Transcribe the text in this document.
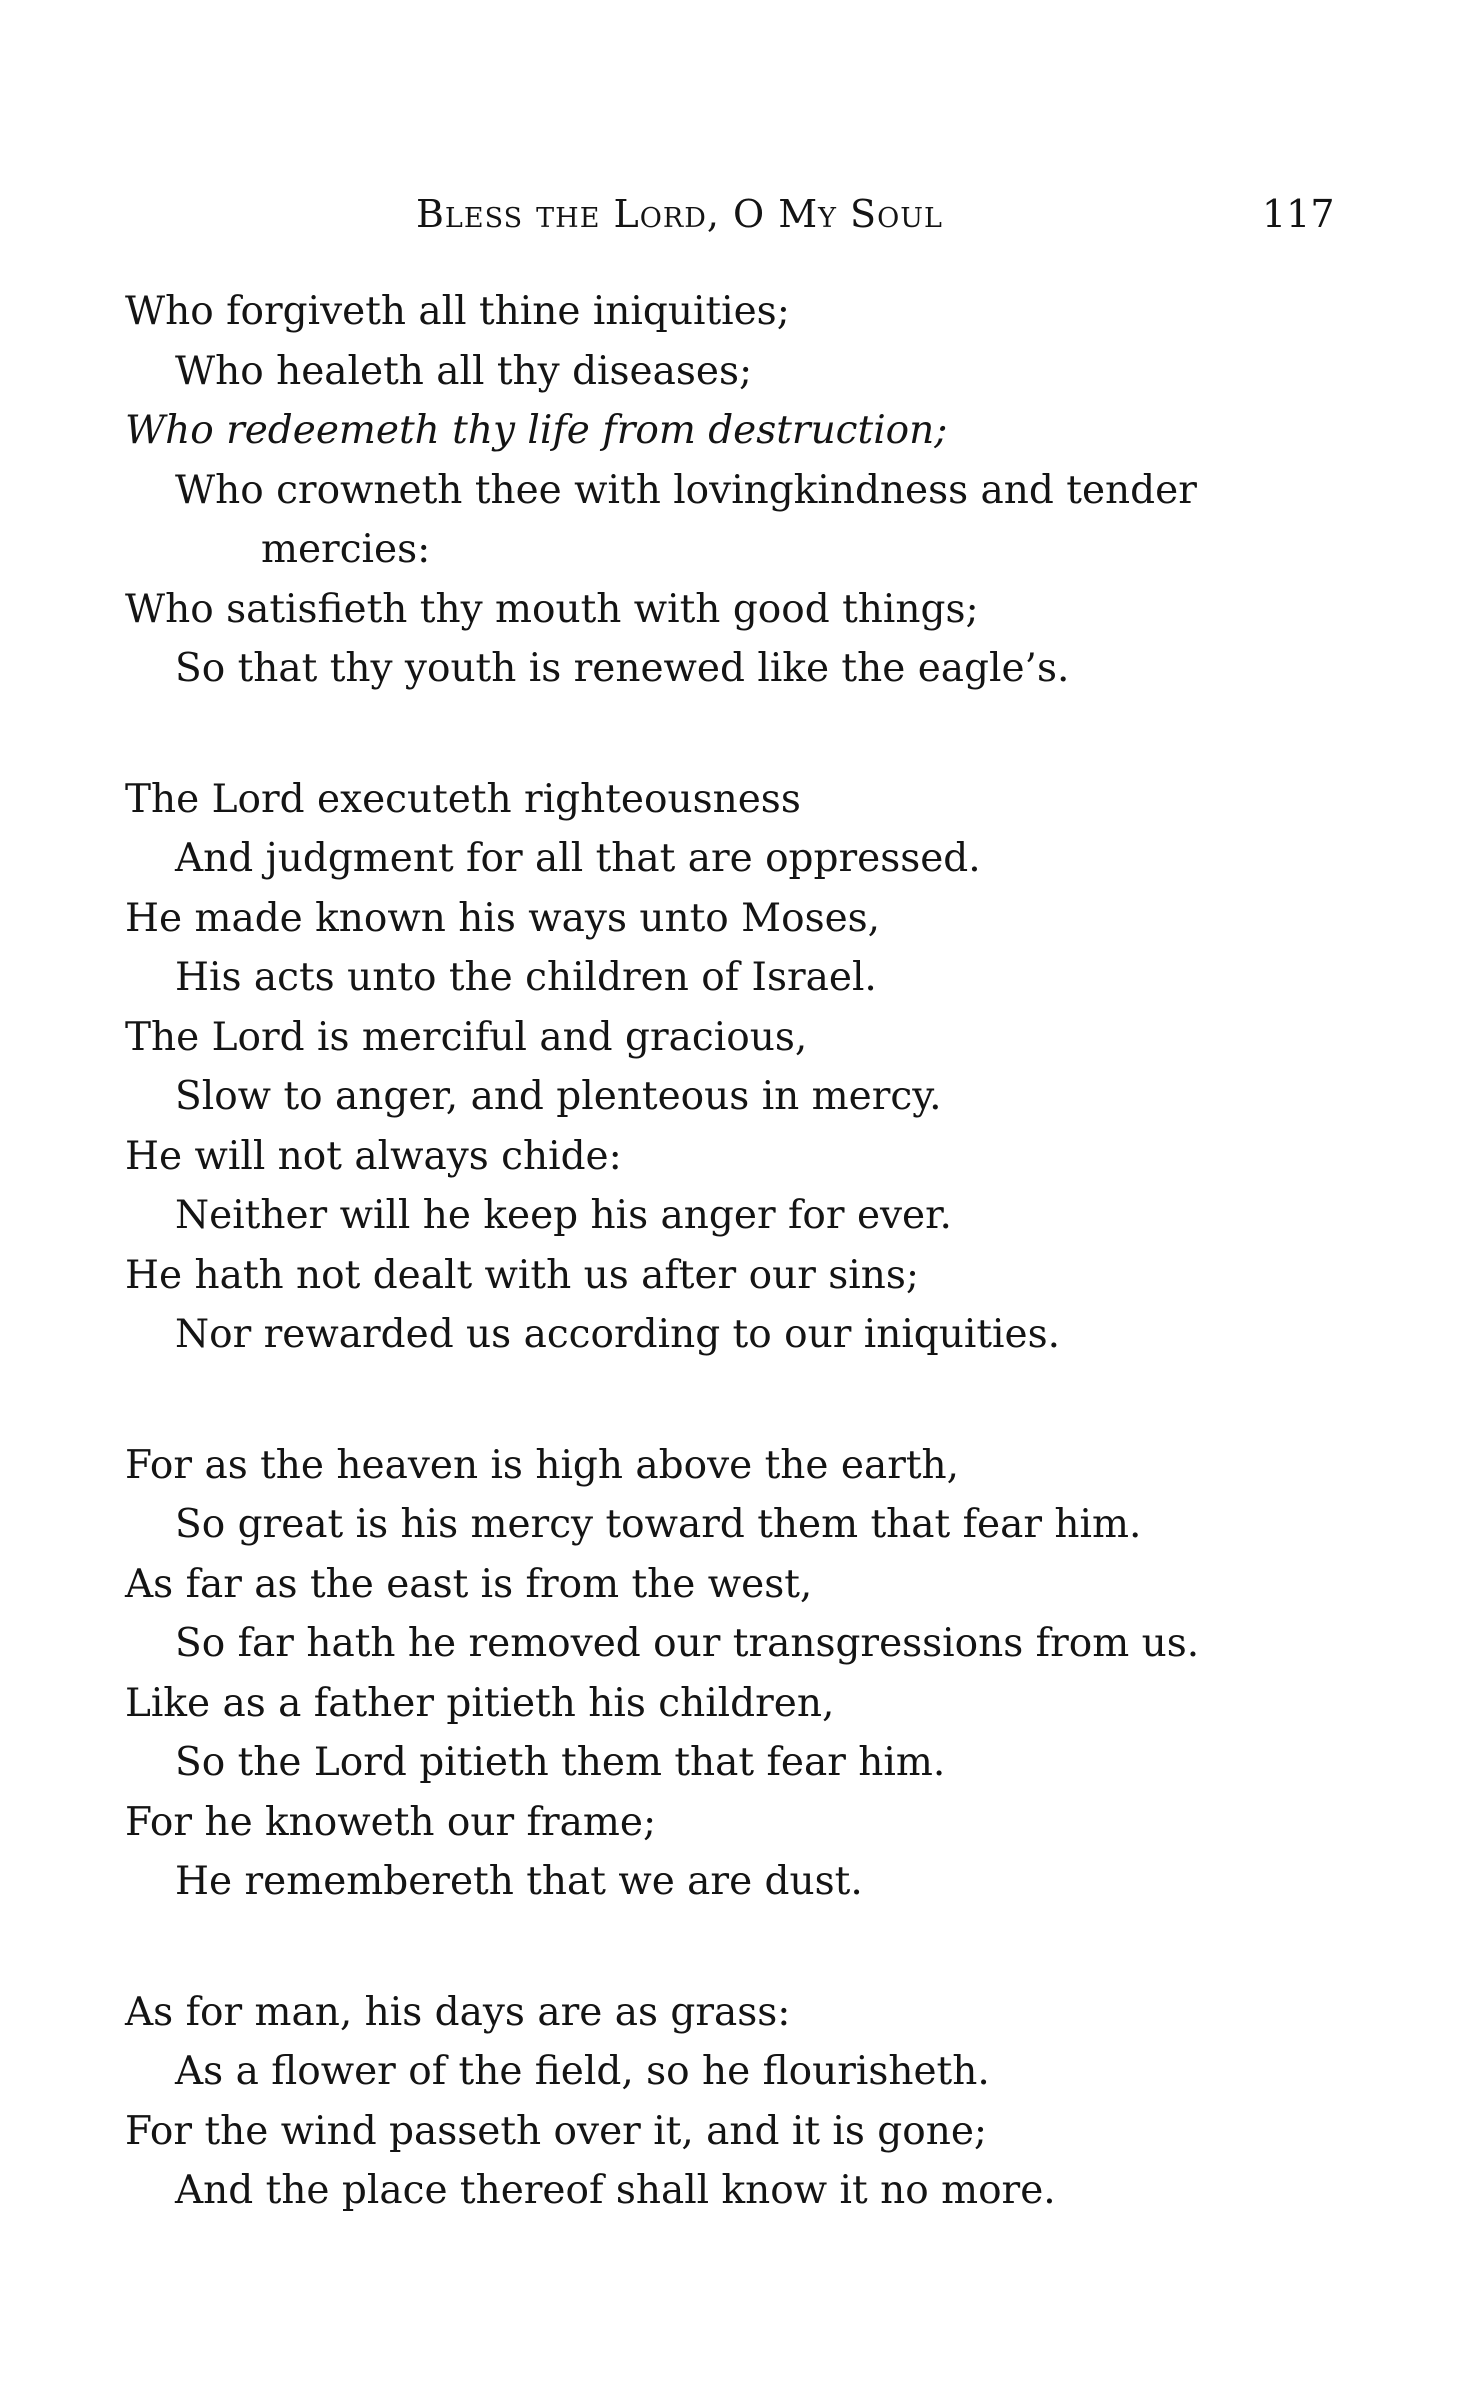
Bless the Lord, O My Soul	117
Who forgiveth all thine iniquities;
Who healeth all thy diseases;
Who redeemeth thy life from destruction;
Who crowneth thee with lovingkindness and tender
mercies:
Who satisfieth thy mouth with good things;
So that thy youth is renewed like the eagle’s.
The Lord executeth righteousness
And judgment for all that are oppressed.
He made known his ways unto Moses,
His acts unto the children of Israel.
The Lord is merciful and gracious,
Slow to anger, and plenteous in mercy.
He will not always chide:
Neither will he keep his anger for ever.
He hath not dealt with us after our sins;
Nor rewarded us according to our iniquities.
For as the heaven is high above the earth,
So great is his mercy toward them that fear him.
As far as the east is from the west,
So far hath he removed our transgressions from us.
Like as a father pitieth his children,
So the Lord pitieth them that fear him.
For he knoweth our frame;
He remembereth that we are dust.
As for man, his days are as grass:
As a flower of the field, so he flourisheth.
For the wind passeth over it, and it is gone;
And the place thereof shall know it no more.
